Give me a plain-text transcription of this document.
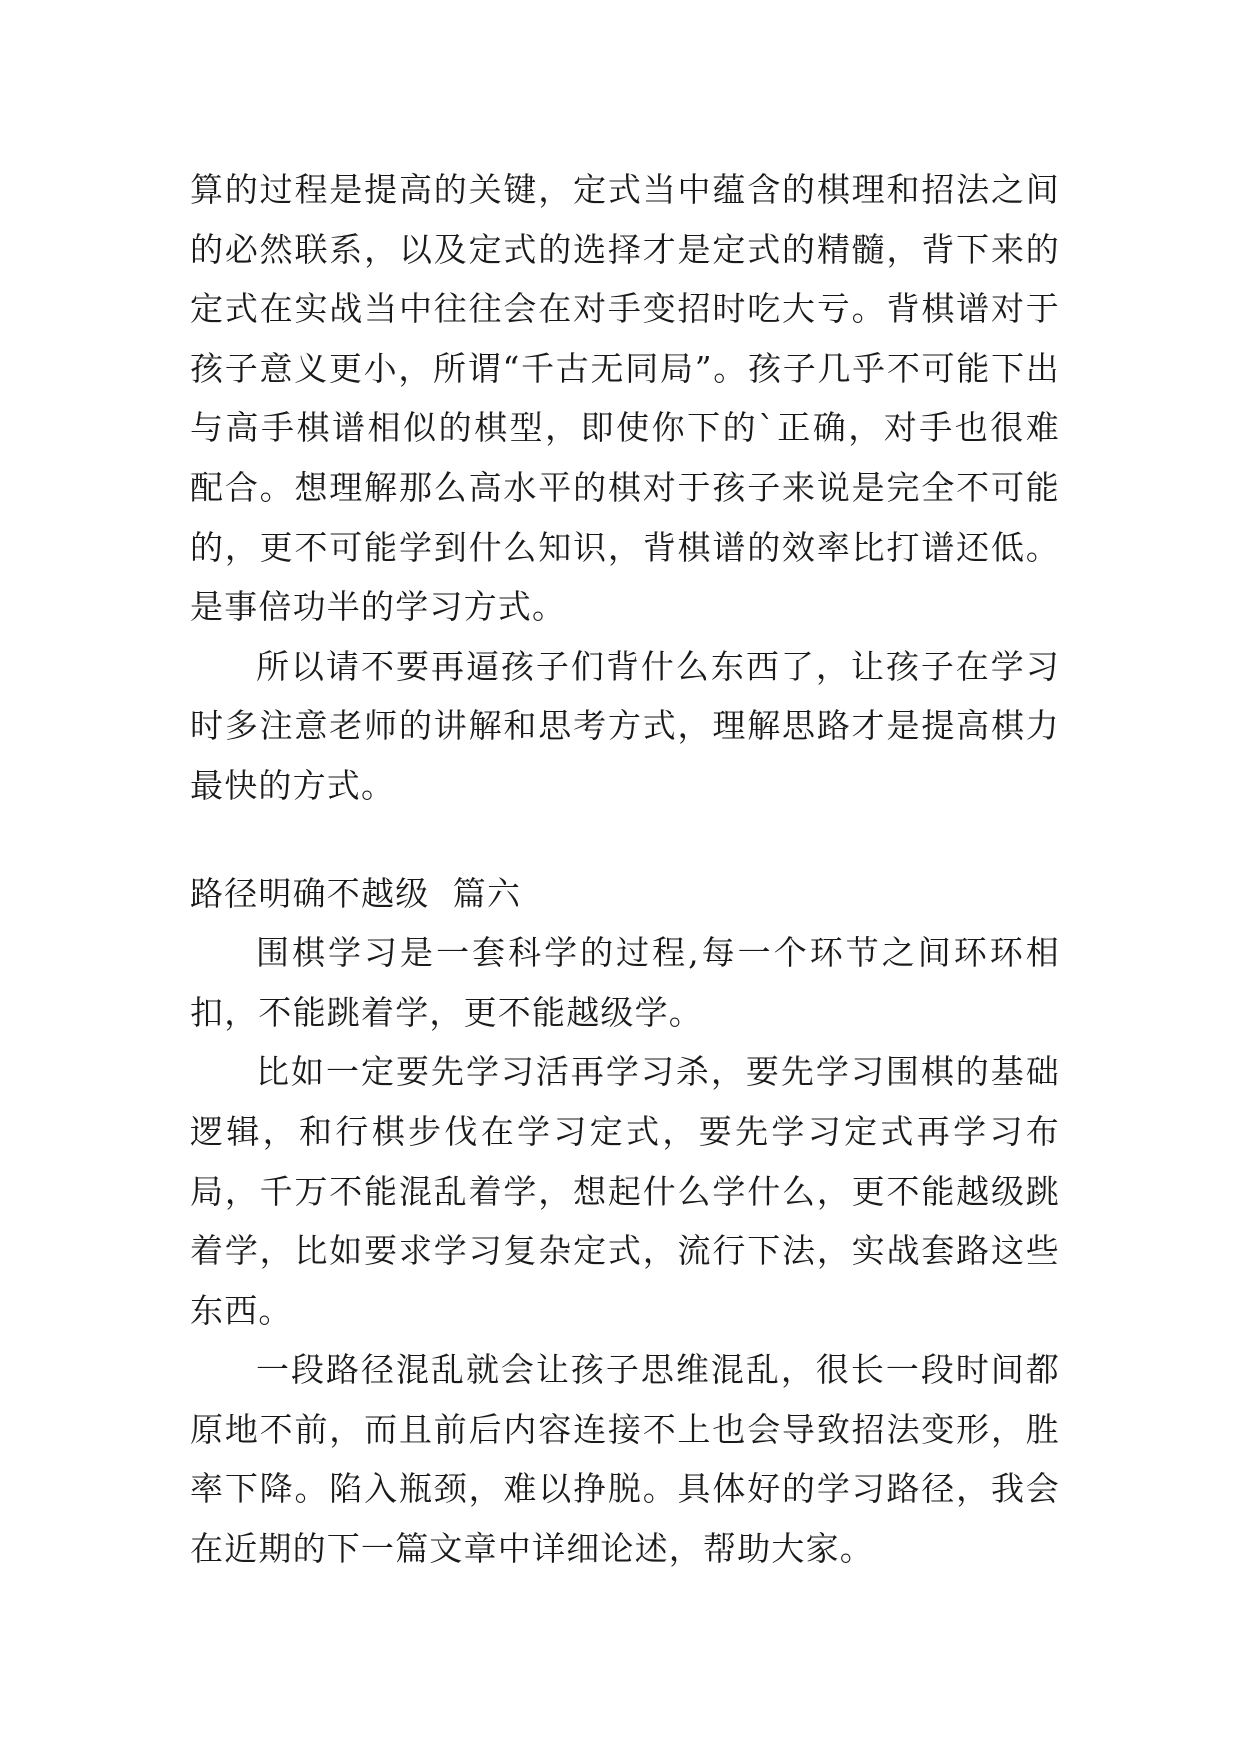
算的过程是提高的关键，定式当中蕴含的棋理和招法之间的必然联系，以及定式的选择才是定式的精髓，背下来的定式在实战当中往往会在对手变招时吃大亏。背棋谱对于孩子意义更小，所谓“千古无同局”。孩子几乎不可能下出与高手棋谱相似的棋型，即使你下的`正确，对手也很难配合。想理解那么高水平的棋对于孩子来说是完全不可能的，更不可能学到什么知识，背棋谱的效率比打谱还低。是事倍功半的学习方式。

所以请不要再逼孩子们背什么东西了，让孩子在学习时多注意老师的讲解和思考方式，理解思路才是提高棋力最快的方式。

路径明确不越级  篇六

围棋学习是一套科学的过程,每一个环节之间环环相扣，不能跳着学，更不能越级学。

比如一定要先学习活再学习杀，要先学习围棋的基础逻辑，和行棋步伐在学习定式，要先学习定式再学习布局，千万不能混乱着学，想起什么学什么，更不能越级跳着学，比如要求学习复杂定式，流行下法，实战套路这些东西。

一段路径混乱就会让孩子思维混乱，很长一段时间都原地不前，而且前后内容连接不上也会导致招法变形，胜率下降。陷入瓶颈，难以挣脱。具体好的学习路径，我会在近期的下一篇文章中详细论述，帮助大家。
